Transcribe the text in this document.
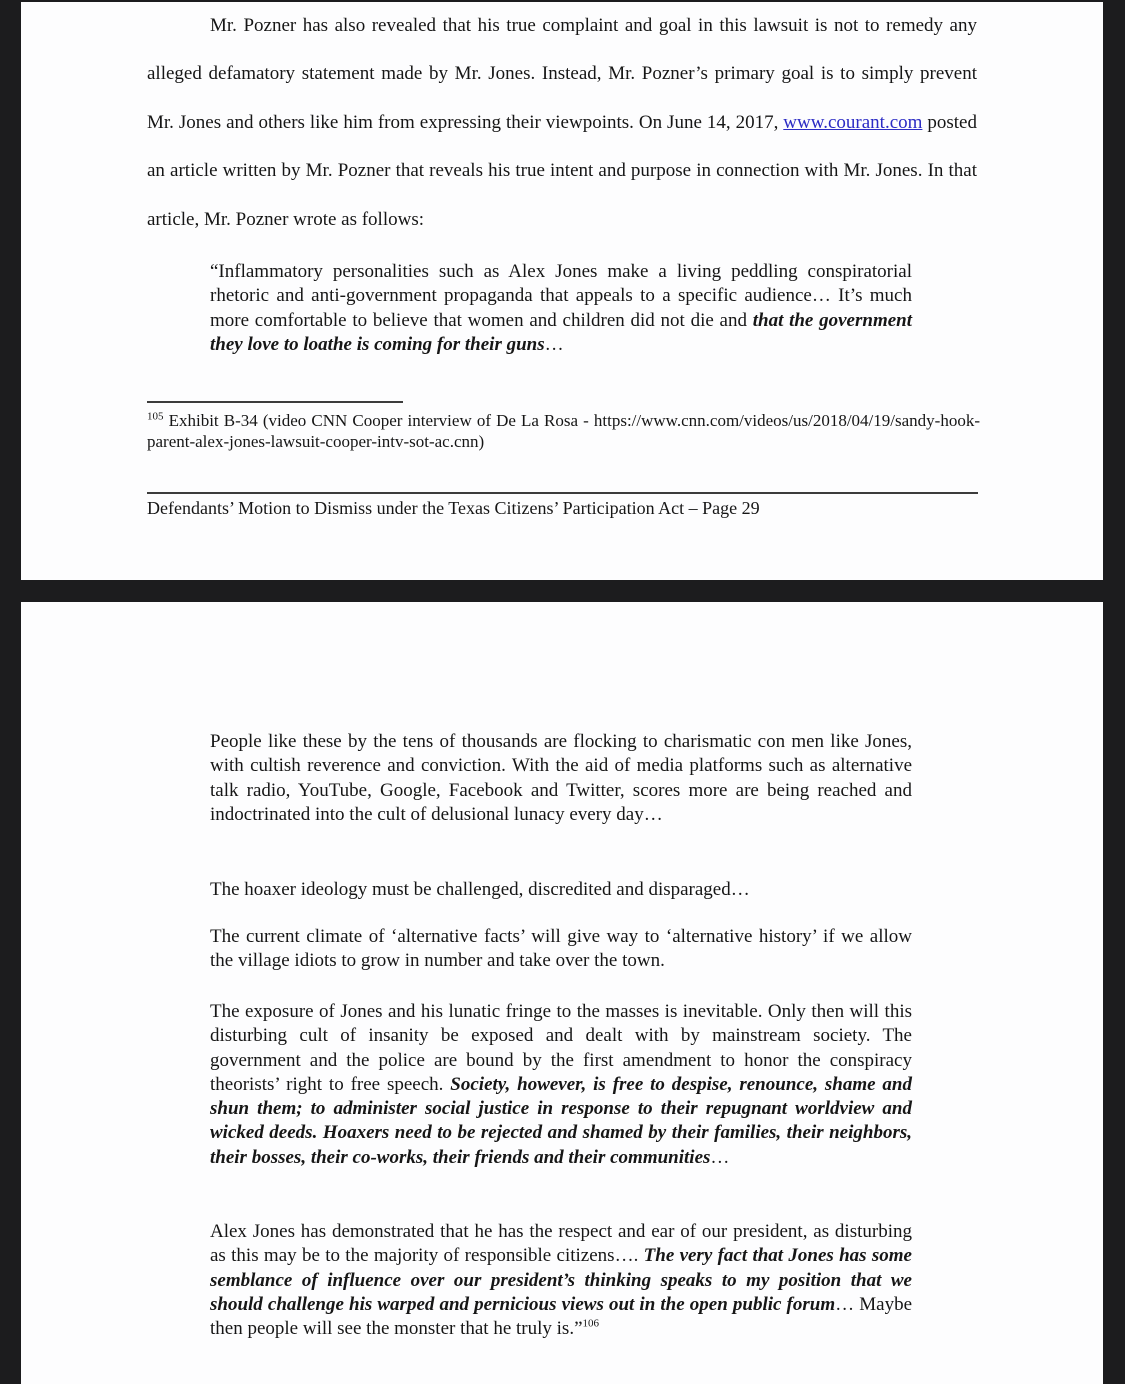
Mr. Pozner has also revealed that his true complaint and goal in this lawsuit is not to remedy any alleged defamatory statement made by Mr. Jones. Instead, Mr. Pozner’s primary goal is to simply prevent Mr. Jones and others like him from expressing their viewpoints. On June 14, 2017, www.courant.com posted an article written by Mr. Pozner that reveals his true intent and purpose in connection with Mr. Jones. In that article, Mr. Pozner wrote as follows:

“Inflammatory personalities such as Alex Jones make a living peddling conspiratorial rhetoric and anti-government propaganda that appeals to a specific audience… It’s much more comfortable to believe that women and children did not die and that the government they love to loathe is coming for their guns…

$^{105}$ Exhibit B-34 (video CNN Cooper interview of De La Rosa - https://www.cnn.com/videos/us/2018/04/19/sandy-hook-parent-alex-jones-lawsuit-cooper-intv-sot-ac.cnn)

Defendants’ Motion to Dismiss under the Texas Citizens’ Participation Act – Page 29

People like these by the tens of thousands are flocking to charismatic con men like Jones, with cultish reverence and conviction. With the aid of media platforms such as alternative talk radio, YouTube, Google, Facebook and Twitter, scores more are being reached and indoctrinated into the cult of delusional lunacy every day…

The hoaxer ideology must be challenged, discredited and disparaged…

The current climate of ‘alternative facts’ will give way to ‘alternative history’ if we allow the village idiots to grow in number and take over the town.

The exposure of Jones and his lunatic fringe to the masses is inevitable. Only then will this disturbing cult of insanity be exposed and dealt with by mainstream society. The government and the police are bound by the first amendment to honor the conspiracy theorists’ right to free speech. Society, however, is free to despise, renounce, shame and shun them; to administer social justice in response to their repugnant worldview and wicked deeds. Hoaxers need to be rejected and shamed by their families, their neighbors, their bosses, their co-works, their friends and their communities…

Alex Jones has demonstrated that he has the respect and ear of our president, as disturbing as this may be to the majority of responsible citizens…. The very fact that Jones has some semblance of influence over our president’s thinking speaks to my position that we should challenge his warped and pernicious views out in the open public forum… Maybe then people will see the monster that he truly is.”$^{106}$
